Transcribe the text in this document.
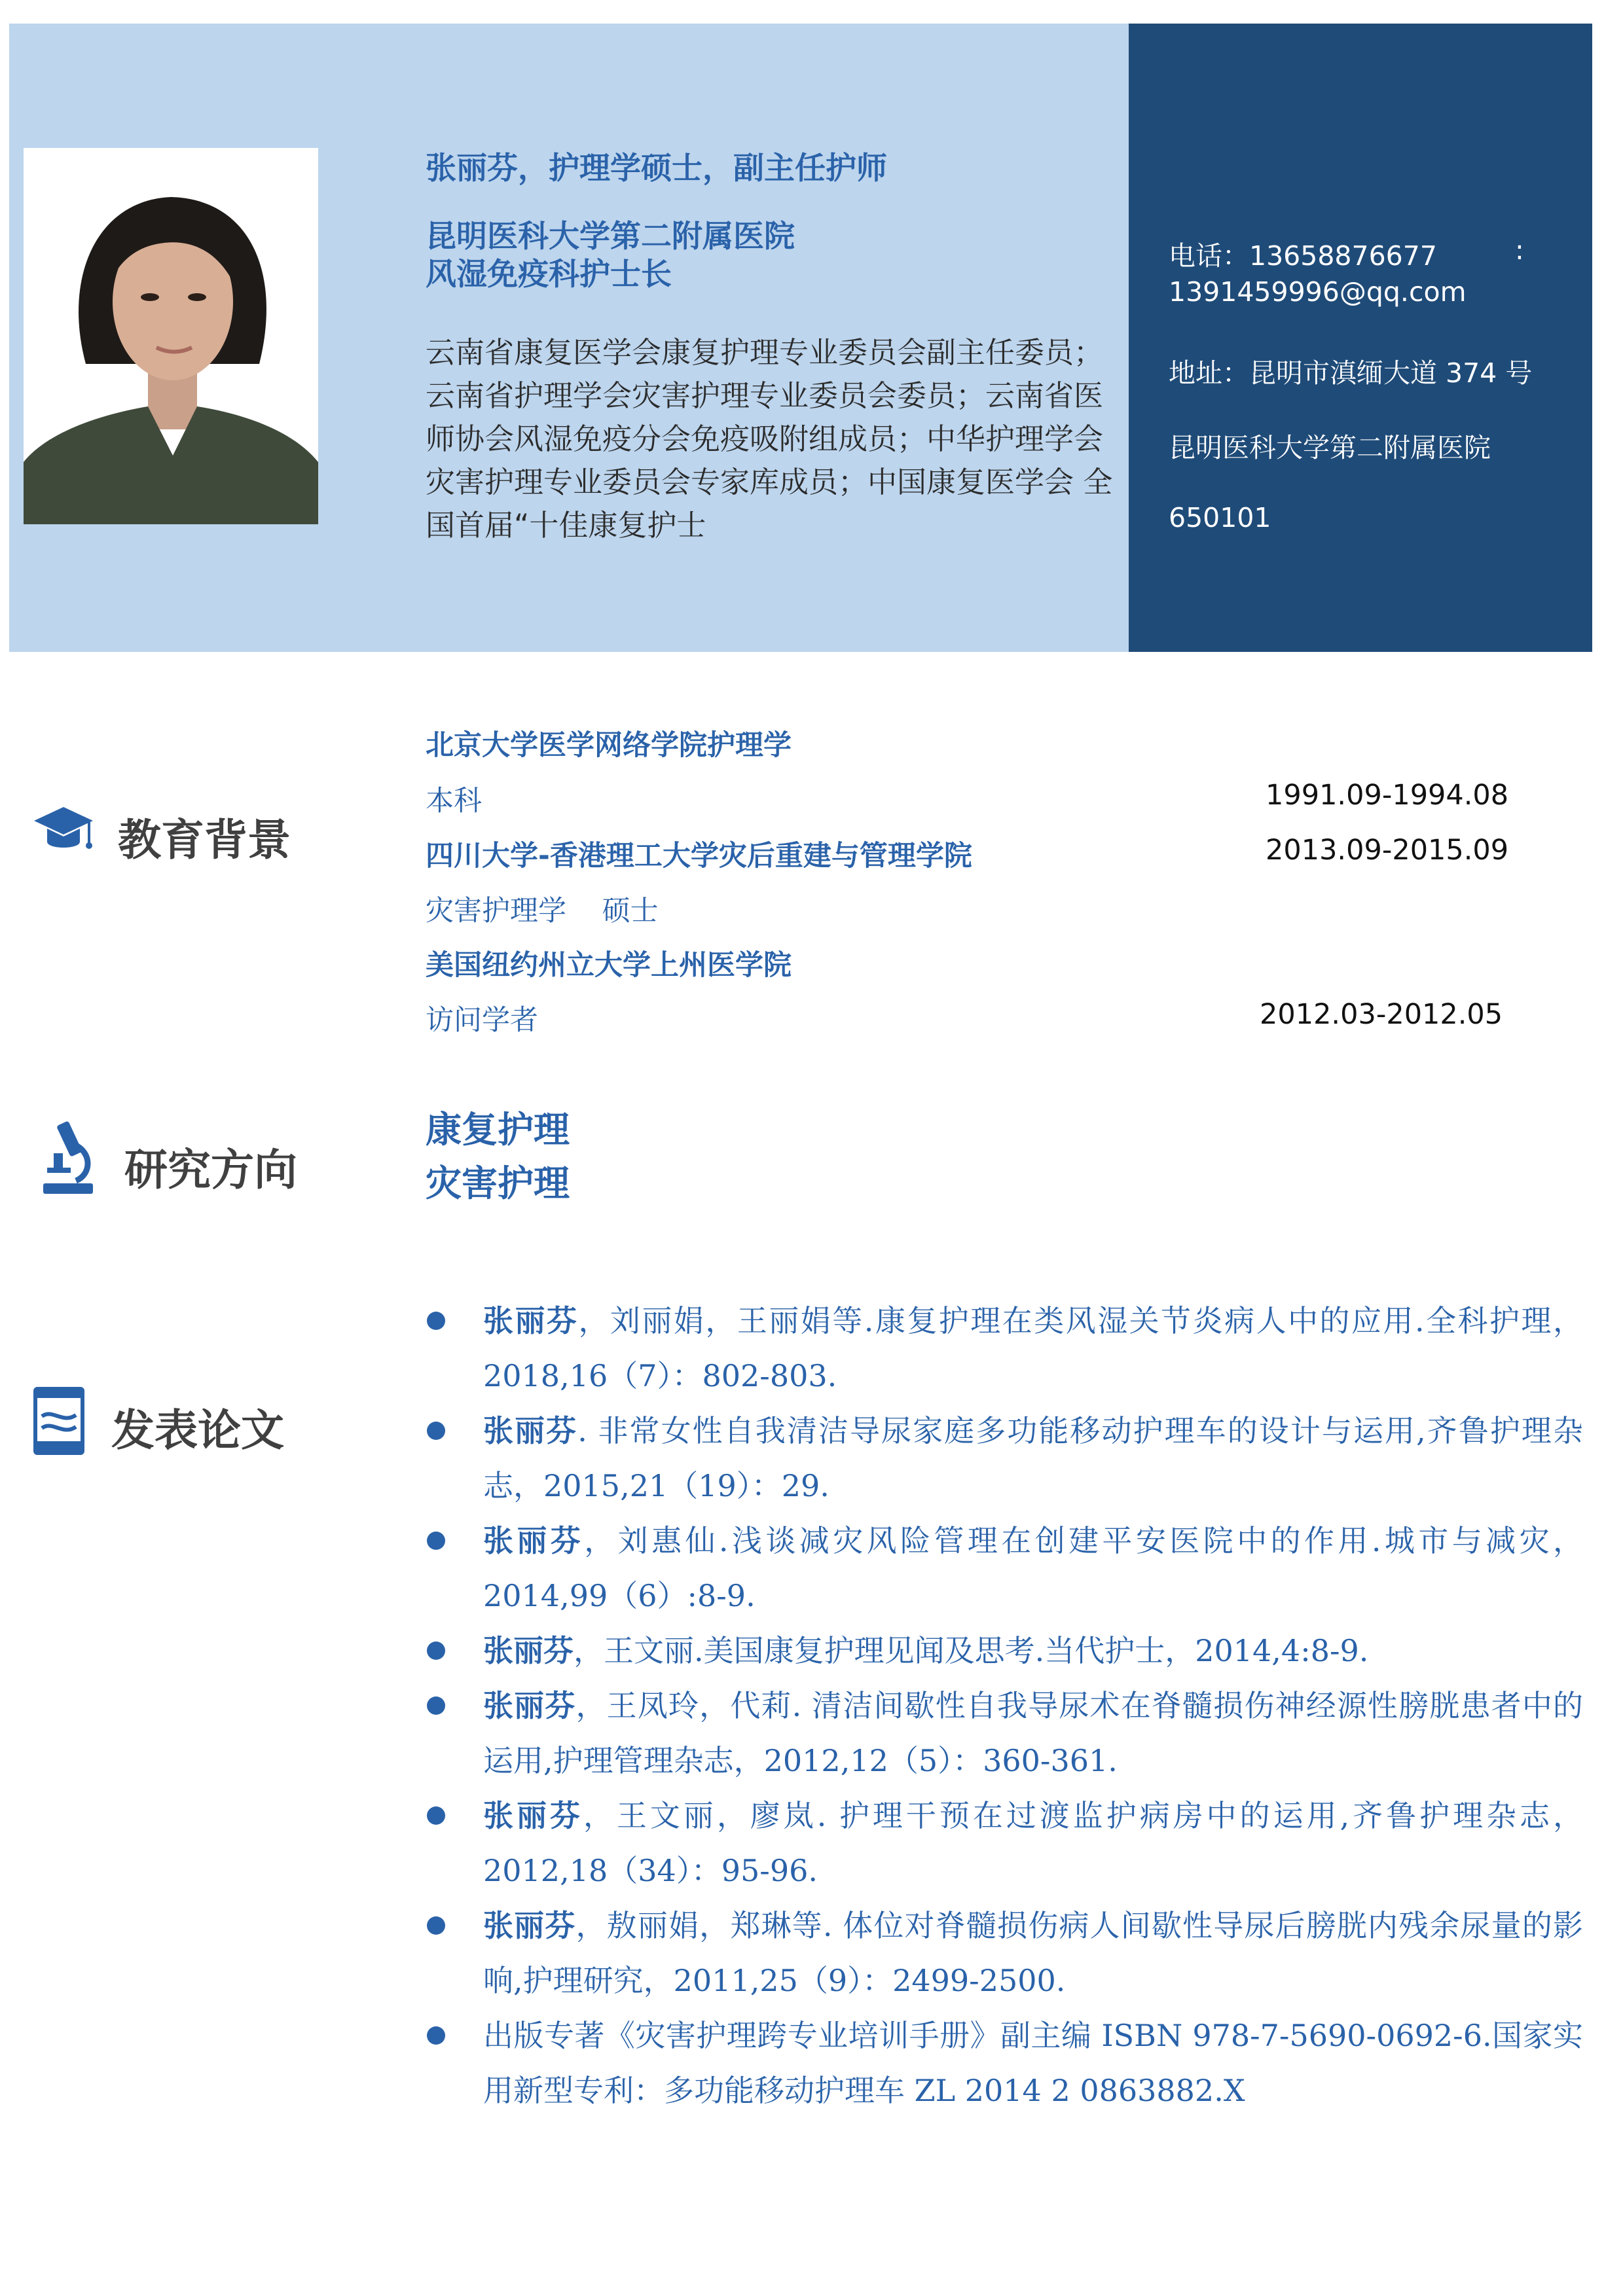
张丽芬，护理学硕士，副主任护师
昆明医科大学第二附属医院
风湿免疫科护士长
云南省康复医学会康复护理专业委员会副主任委员；云南省护理学会灾害护理专业委员会委员；云南省医师协会风湿免疫分会免疫吸附组成员；中华护理学会灾害护理专业委员会专家库成员；中国康复医学会 全国首届“十佳康复护士
电话：13658876677	:
1391459996@qq.com
地址：昆明市滇缅大道 374 号
昆明医科大学第二附属医院
650101
教育背景
北京大学医学网络学院护理学
本科	1991.09-1994.08
四川大学-香港理工大学灾后重建与管理学院	2013.09-2015.09
灾害护理学    硕士
美国纽约州立大学上州医学院
访问学者	2012.03-2012.05
研究方向
康复护理
灾害护理
发表论文
张丽芬，刘丽娟，王丽娟等.康复护理在类风湿关节炎病人中的应用.全科护理，2018,16（7）：802-803.
张丽芬. 非常女性自我清洁导尿家庭多功能移动护理车的设计与运用,齐鲁护理杂志，2015,21（19）：29.
张丽芬，刘惠仙.浅谈减灾风险管理在创建平安医院中的作用.城市与减灾，2014,99（6）:8-9.
张丽芬，王文丽.美国康复护理见闻及思考.当代护士，2014,4:8-9.
张丽芬，王凤玲，代莉. 清洁间歇性自我导尿术在脊髓损伤神经源性膀胱患者中的运用,护理管理杂志，2012,12（5）：360-361.
张丽芬，王文丽，廖岚. 护理干预在过渡监护病房中的运用,齐鲁护理杂志，2012,18（34）：95-96.
张丽芬，敖丽娟，郑琳等. 体位对脊髓损伤病人间歇性导尿后膀胱内残余尿量的影响,护理研究，2011,25（9）：2499-2500.
出版专著《灾害护理跨专业培训手册》副主编 ISBN 978-7-5690-0692-6.国家实用新型专利：多功能移动护理车 ZL 2014 2 0863882.X
